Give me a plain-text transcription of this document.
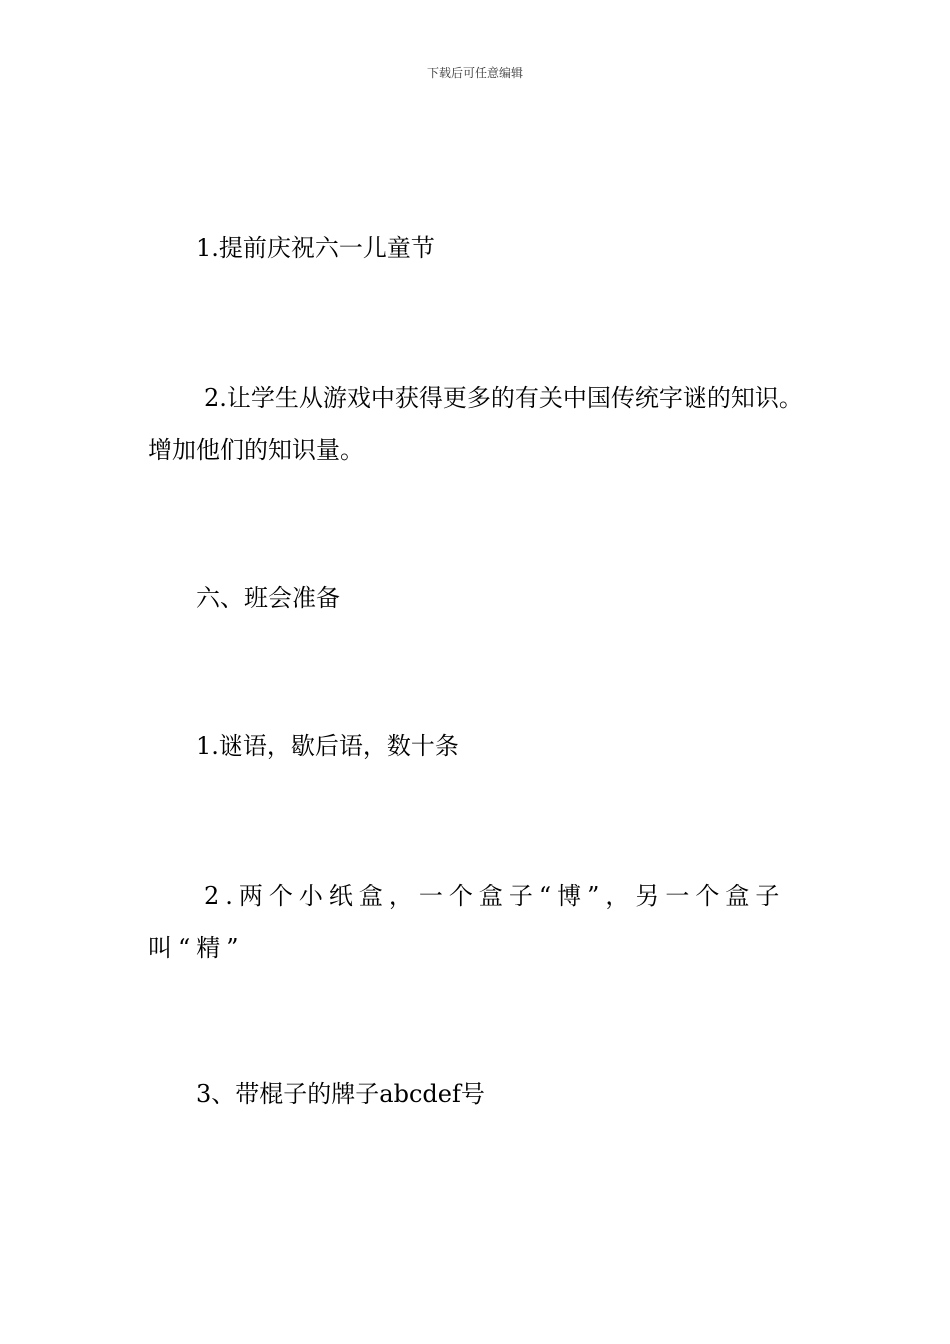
下载后可任意编辑
1.提前庆祝六一儿童节
2.让学生从游戏中获得更多的有关中国传统字谜的知识。增加他们的知识量。
六、班会准备
1.谜语，歇后语，数十条
2.两个小纸盒，一个盒子“博”，另一个盒子叫“精”
3、带棍子的牌子abcdef号
